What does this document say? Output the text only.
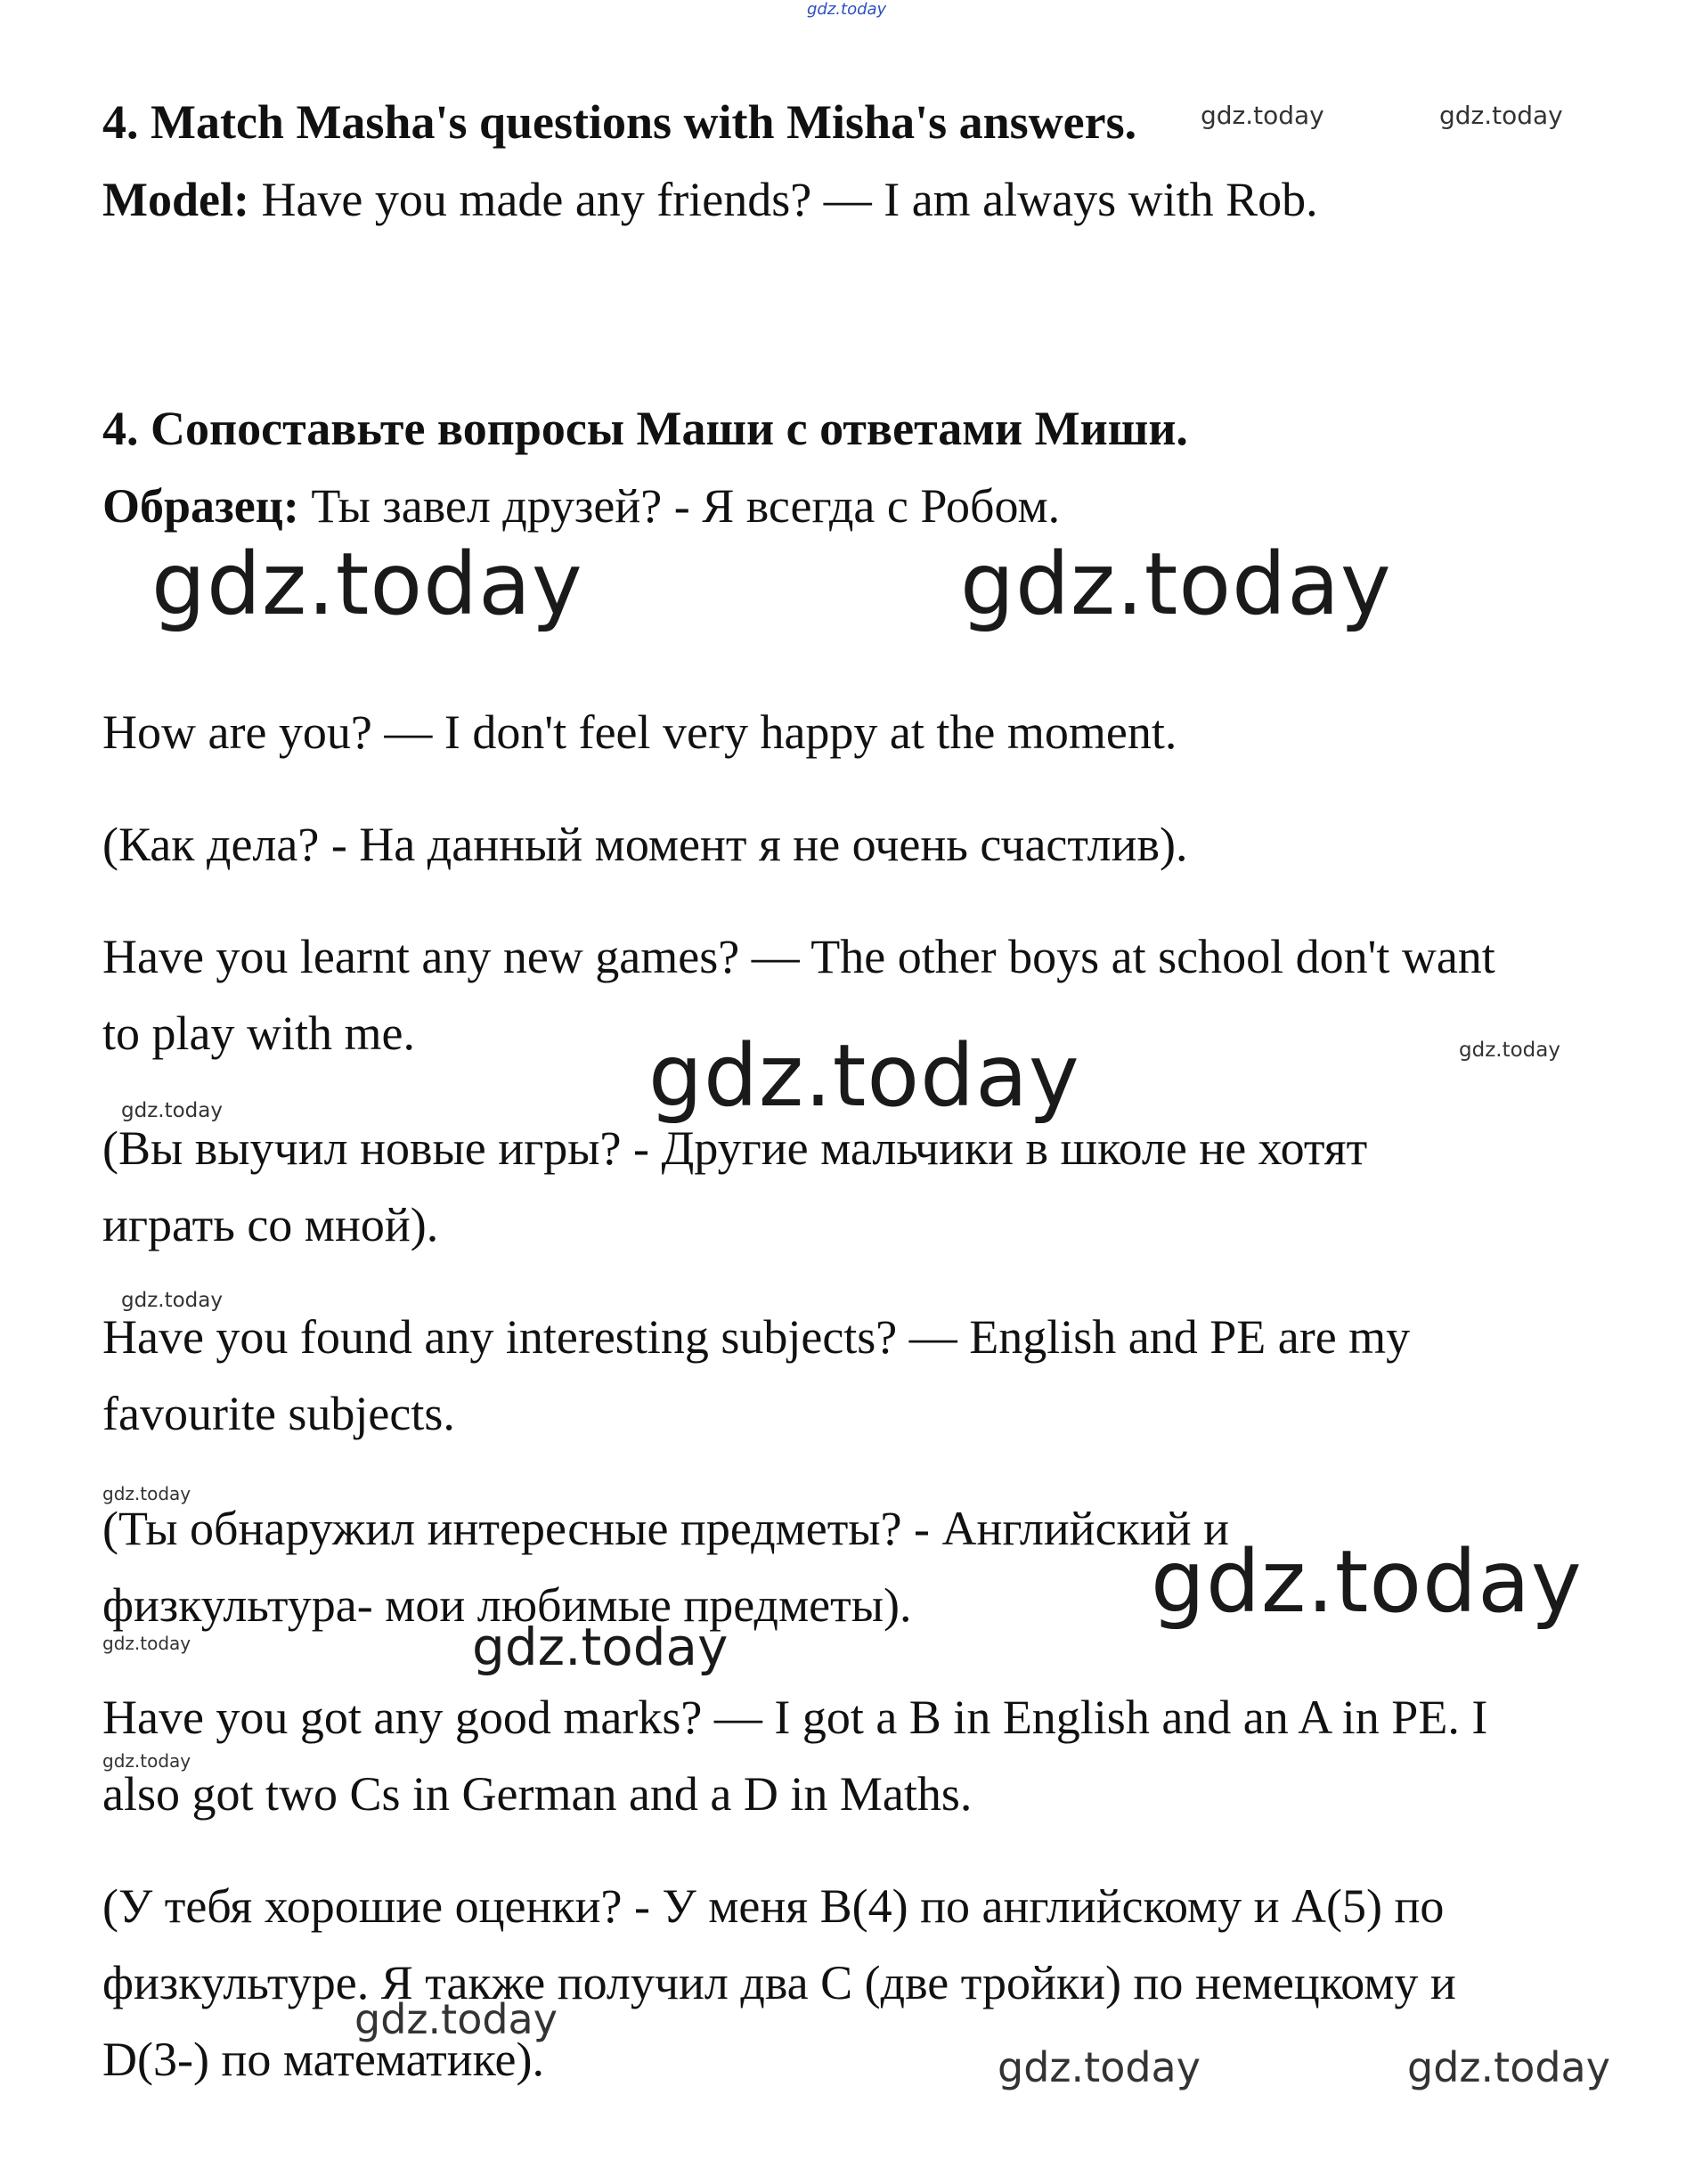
gdz.today
4. Match Masha's questions with Misha's answers.
Model: Have you made any friends? — I am always with Rob.
4. Сопоставьте вопросы Маши с ответами Миши.
Образец: Ты завел друзей? - Я всегда с Робом.
How are you? — I don't feel very happy at the moment.
(Как дела? - На данный момент я не очень счастлив).
Have you learnt any new games? — The other boys at school don't want
to play with me.
(Вы выучил новые игры? - Другие мальчики в школе не хотят
играть со мной).
Have you found any interesting subjects? — English and PE are my
favourite subjects.
(Ты обнаружил интересные предметы? - Английский и
физкультура- мои любимые предметы).
Have you got any good marks? — I got a B in English and an A in PE. I
also got two Cs in German and a D in Maths.
(У тебя хорошие оценки? - У меня B(4) по английскому и A(5) по
физкультуре. Я также получил два C (две тройки) по немецкому и
D(3-) по математике).
gdz.today	gdz.today
gdz.today	gdz.today
gdz.today	gdz.today
gdz.today
gdz.today
gdz.today
gdz.today
gdz.today
gdz.today
gdz.today
gdz.today
gdz.today	gdz.today
